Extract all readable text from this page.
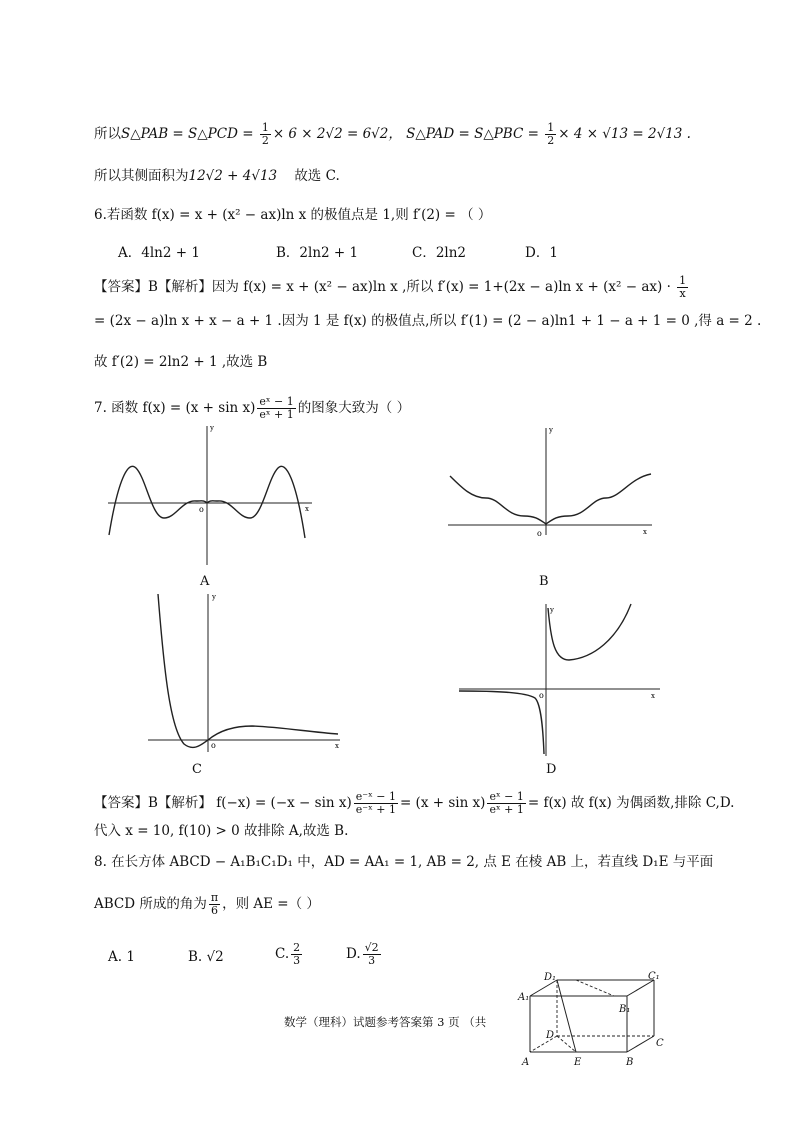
所以S△PAB = S△PCD = $\frac{1}{2} \times 6 \times 2√2 = 6√2$， S△PAD = S△PBC = $\frac{1}{2} \times 4 \times √13 = 2√13$ .
所以其侧面积为12√2 + 4√13 故选 C.
6.若函数 f(x) = x + (x² − ax)ln x 的极值点是 1,则 f′(2) = （ ）
A．4ln2 + 1	B．2ln2 + 1	C．2ln2	D．1
【答案】B【解析】因为 f(x) = x + (x² − ax)ln x ,所以 f′(x) = 1+(2x − a)ln $x + (x^2 - ax) \cdot \frac{1}{x}$
= (2x − a)ln x + x − a + 1 .因为 1 是 f(x) 的极值点,所以 f′(1) = (2 − a)ln1 + 1 − a + 1 = 0 ,得 a = 2 .
故 f′(2) = 2ln2 + 1 ,故选 B
7. 函数 $f(x) = (x + \sin x) \frac{\text{eˣ − 1}}{\text{eˣ + 1}}$ 的图象大致为（ ）
x
y
o
A
x
y
o
B
x
y
o
C
x
y
o
D
【答案】B【解析】 $f(-x) = (-x - \sin x) \frac{\text{e⁻ˣ − 1}}{\text{e⁻ˣ + 1}} = (x + \sin x) \frac{\text{eˣ − 1}}{\text{eˣ + 1}} = f(x)$ 故 f(x) 为偶函数,排除 C,D.
代入 x = 10, f(10) > 0 故排除 A,故选 B.
8. 在长方体 ABCD − A₁B₁C₁D₁ 中，AD = AA₁ = 1, AB = 2, 点 E 在棱 AB 上，若直线 D₁E 与平面
ABCD 所成的角为 $\frac{\pi}{6}$ ，则 AE =（ ）
A. 1	B. √2	C. $\frac{2}{3}$	D. $\frac{√2}{3}$
D₁	C₁
A₁
B₁
D
A	E	B
C
数学（理科）试题参考答案第 3 页 （共
